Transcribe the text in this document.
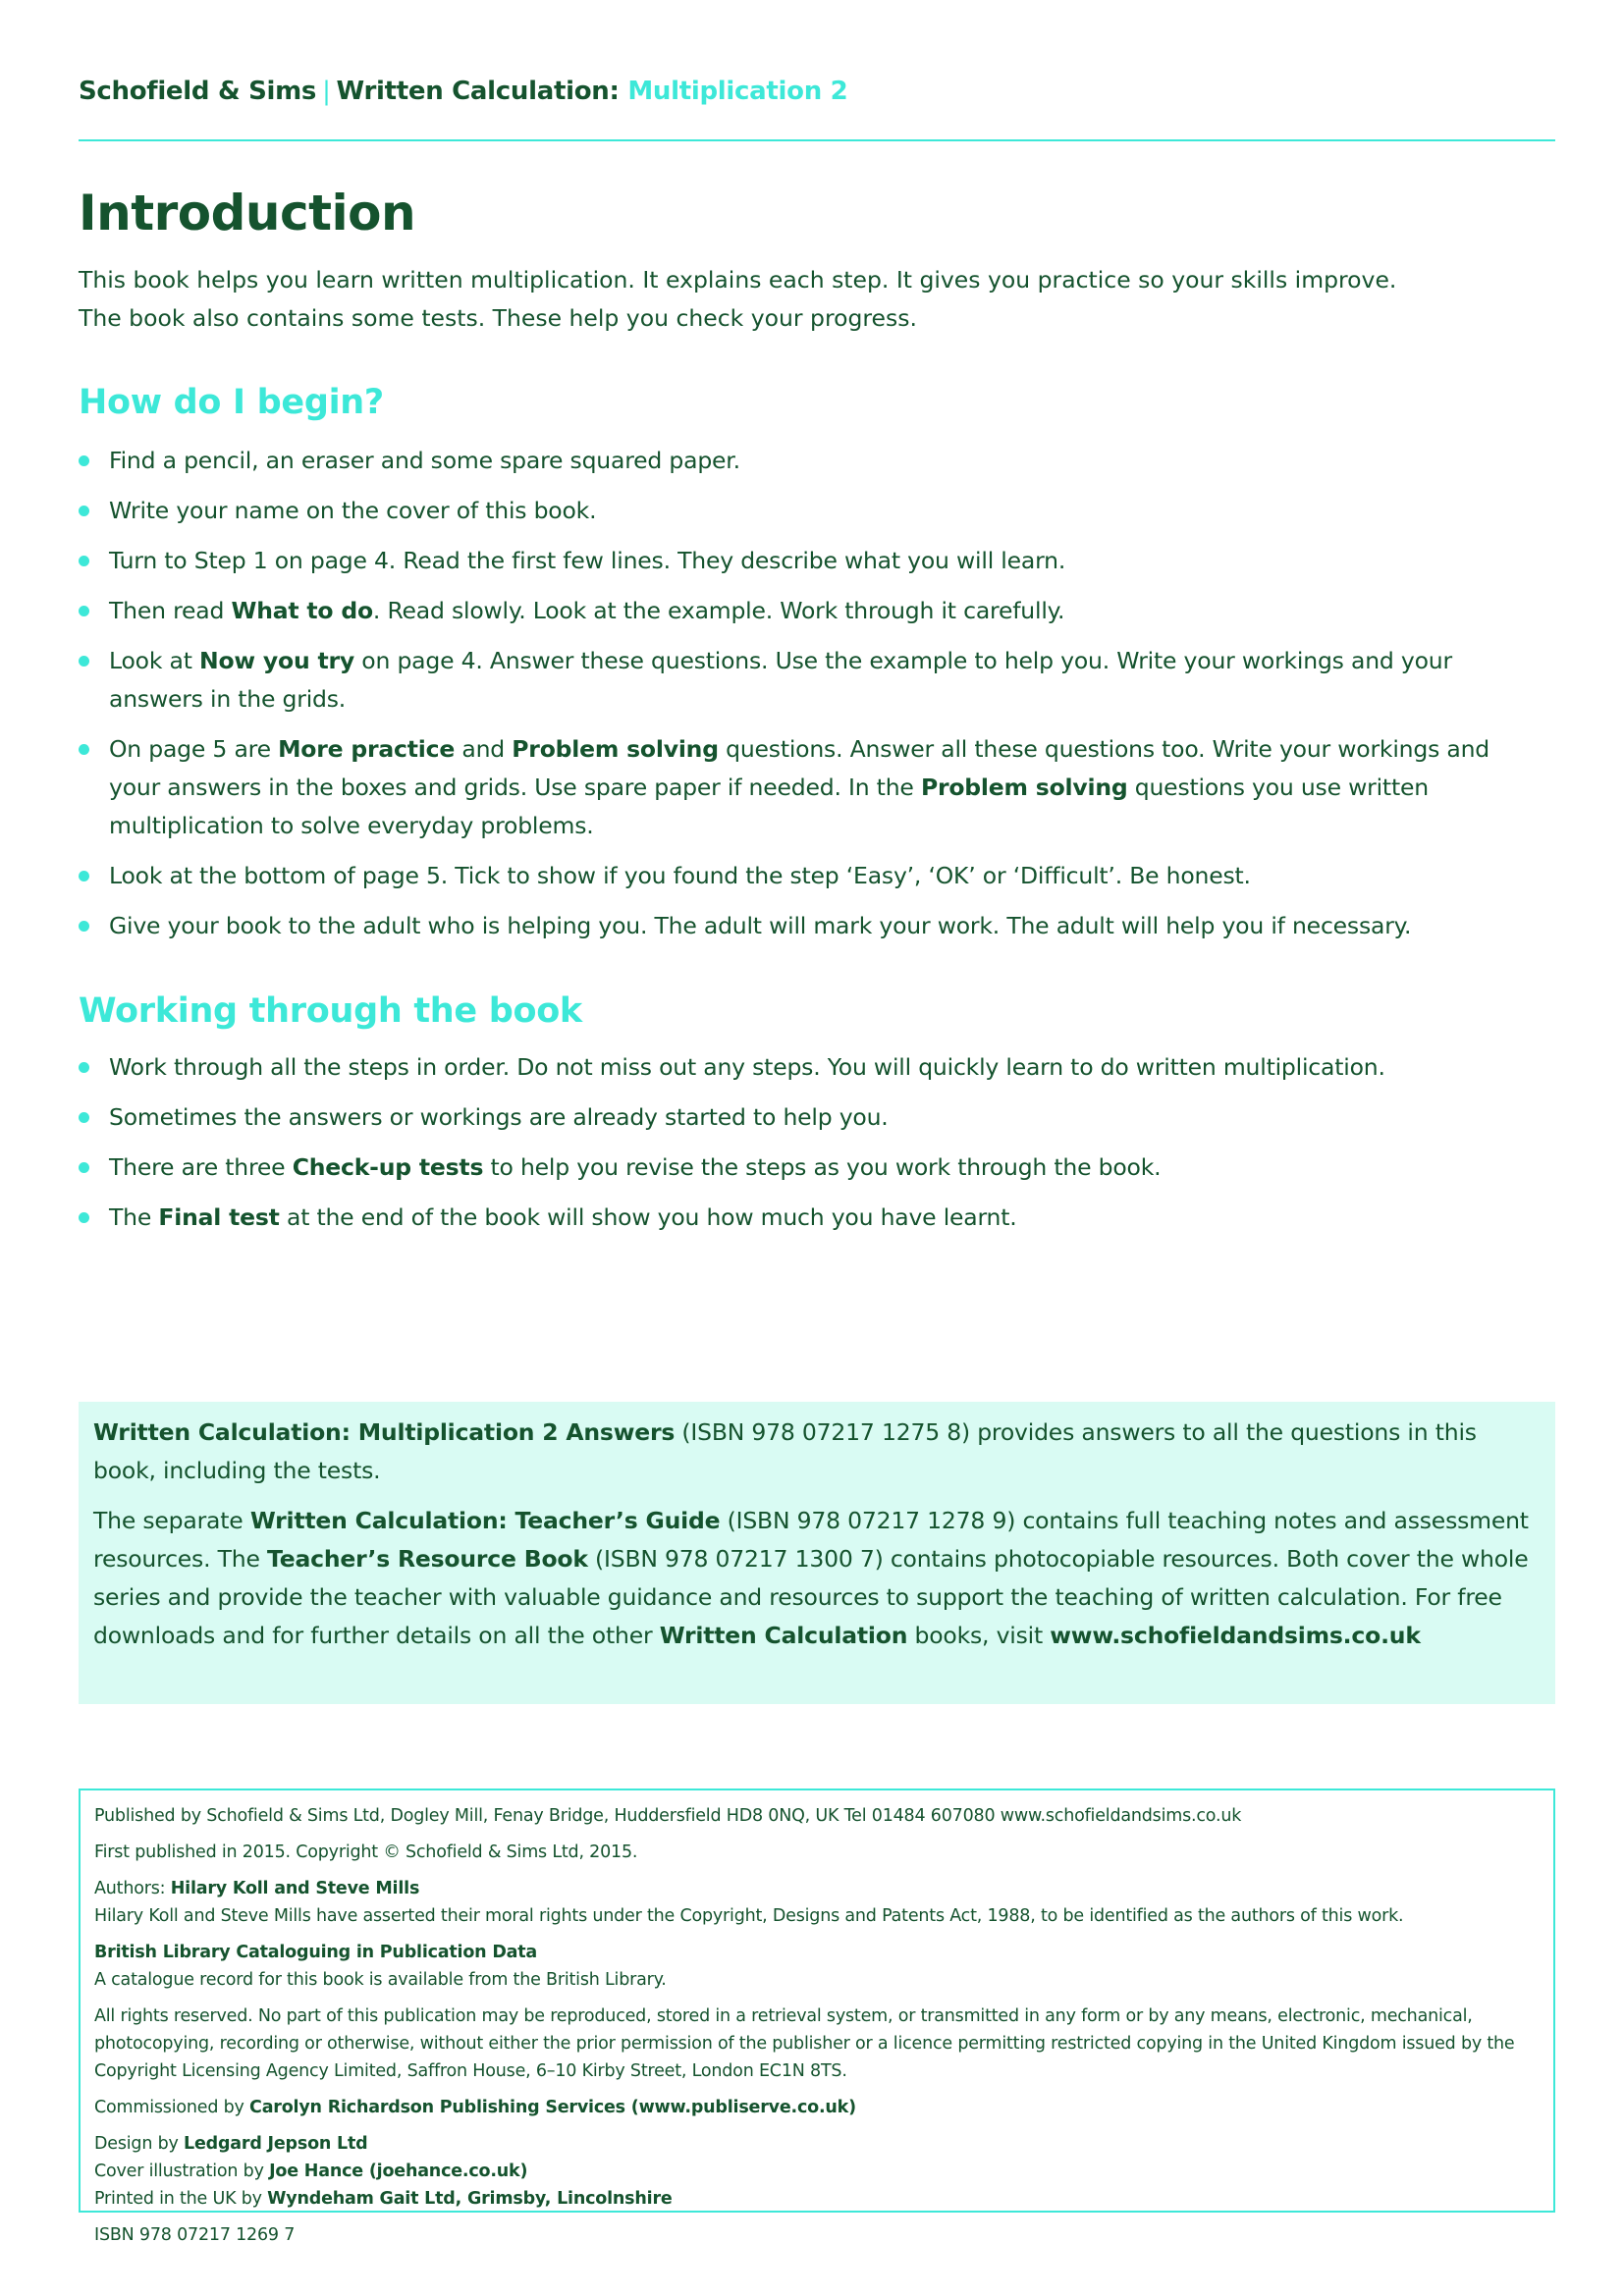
Schofield & Sims | Written Calculation: Multiplication 2
Introduction

This book helps you learn written multiplication. It explains each step. It gives you practice so your skills improve.
The book also contains some tests. These help you check your progress.

How do I begin?
Find a pencil, an eraser and some spare squared paper.
Write your name on the cover of this book.
Turn to Step 1 on page 4. Read the first few lines. They describe what you will learn.
Then read What to do. Read slowly. Look at the example. Work through it carefully.
Look at Now you try on page 4. Answer these questions. Use the example to help you. Write your workings and your answers in the grids.
On page 5 are More practice and Problem solving questions. Answer all these questions too. Write your workings and your answers in the boxes and grids. Use spare paper if needed. In the Problem solving questions you use written multiplication to solve everyday problems.
Look at the bottom of page 5. Tick to show if you found the step ‘Easy’, ‘OK’ or ‘Difficult’. Be honest.
Give your book to the adult who is helping you. The adult will mark your work. The adult will help you if necessary.
Working through the book
Work through all the steps in order. Do not miss out any steps. You will quickly learn to do written multiplication.
Sometimes the answers or workings are already started to help you.
There are three Check-up tests to help you revise the steps as you work through the book.
The Final test at the end of the book will show you how much you have learnt.

Written Calculation: Multiplication 2 Answers (ISBN 978 07217 1275 8) provides answers to all the questions in this book, including the tests.

The separate Written Calculation: Teacher’s Guide (ISBN 978 07217 1278 9) contains full teaching notes and assessment resources. The Teacher’s Resource Book (ISBN 978 07217 1300 7) contains photocopiable resources. Both cover the whole series and provide the teacher with valuable guidance and resources to support the teaching of written calculation. For free downloads and for further details on all the other Written Calculation books, visit www.schofieldandsims.co.uk

Published by Schofield & Sims Ltd, Dogley Mill, Fenay Bridge, Huddersfield HD8 0NQ, UK Tel 01484 607080 www.schofieldandsims.co.uk

First published in 2015. Copyright © Schofield & Sims Ltd, 2015.

Authors: Hilary Koll and Steve Mills

Hilary Koll and Steve Mills have asserted their moral rights under the Copyright, Designs and Patents Act, 1988, to be identified as the authors of this work.

British Library Cataloguing in Publication Data

A catalogue record for this book is available from the British Library.

All rights reserved. No part of this publication may be reproduced, stored in a retrieval system, or transmitted in any form or by any means, electronic, mechanical, photocopying, recording or otherwise, without either the prior permission of the publisher or a licence permitting restricted copying in the United Kingdom issued by the Copyright Licensing Agency Limited, Saffron House, 6–10 Kirby Street, London EC1N 8TS.

Commissioned by Carolyn Richardson Publishing Services (www.publiserve.co.uk)

Design by Ledgard Jepson Ltd

Cover illustration by Joe Hance (joehance.co.uk)

Printed in the UK by Wyndeham Gait Ltd, Grimsby, Lincolnshire

ISBN 978 07217 1269 7
